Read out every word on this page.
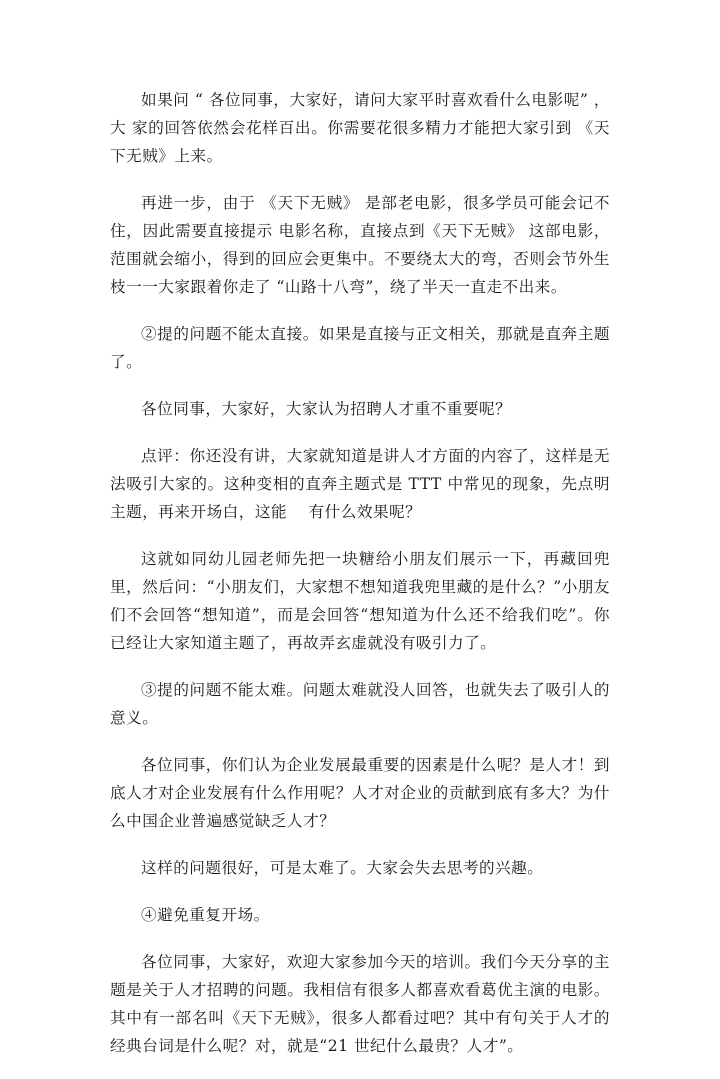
如果问 “ 各位同事，大家好，请问大家平时喜欢看什么电影呢” ，大 家的回答依然会花样百出。你需要花很多精力才能把大家引到 《天下无贼》上来。

再进一步，由于 《天下无贼》 是部老电影，很多学员可能会记不住，因此需要直接提示 电影名称，直接点到《天下无贼》 这部电影，范围就会缩小，得到的回应会更集中。不要绕太大的弯，否则会节外生枝一一大家跟着你走了 “山路十八弯”，绕了半天一直走不出来。

②提的问题不能太直接。如果是直接与正文相关，那就是直奔主题了。

各位同事，大家好，大家认为招聘人才重不重要呢？

点评：你还没有讲，大家就知道是讲人才方面的内容了，这样是无法吸引大家的。这种变相的直奔主题式是 TTT 中常见的现象，先点明主题，再来开场白，这能　 有什么效果呢？

这就如同幼儿园老师先把一块糖给小朋友们展示一下，再藏回兜里，然后问：“小朋友们，大家想不想知道我兜里藏的是什么？”小朋友们不会回答“想知道”，而是会回答“想知道为什么还不给我们吃”。你已经让大家知道主题了，再故弄玄虚就没有吸引力了。

③提的问题不能太难。问题太难就没人回答，也就失去了吸引人的意义。

各位同事，你们认为企业发展最重要的因素是什么呢？是人才！到底人才对企业发展有什么作用呢？人才对企业的贡献到底有多大？为什么中国企业普遍感觉缺乏人才？

这样的问题很好，可是太难了。大家会失去思考的兴趣。

④避免重复开场。

各位同事，大家好，欢迎大家参加今天的培训。我们今天分享的主题是关于人才招聘的问题。我相信有很多人都喜欢看葛优主演的电影。其中有一部名叫《天下无贼》，很多人都看过吧？其中有句关于人才的经典台词是什么呢？对，就是“21 世纪什么最贵？人才”。
